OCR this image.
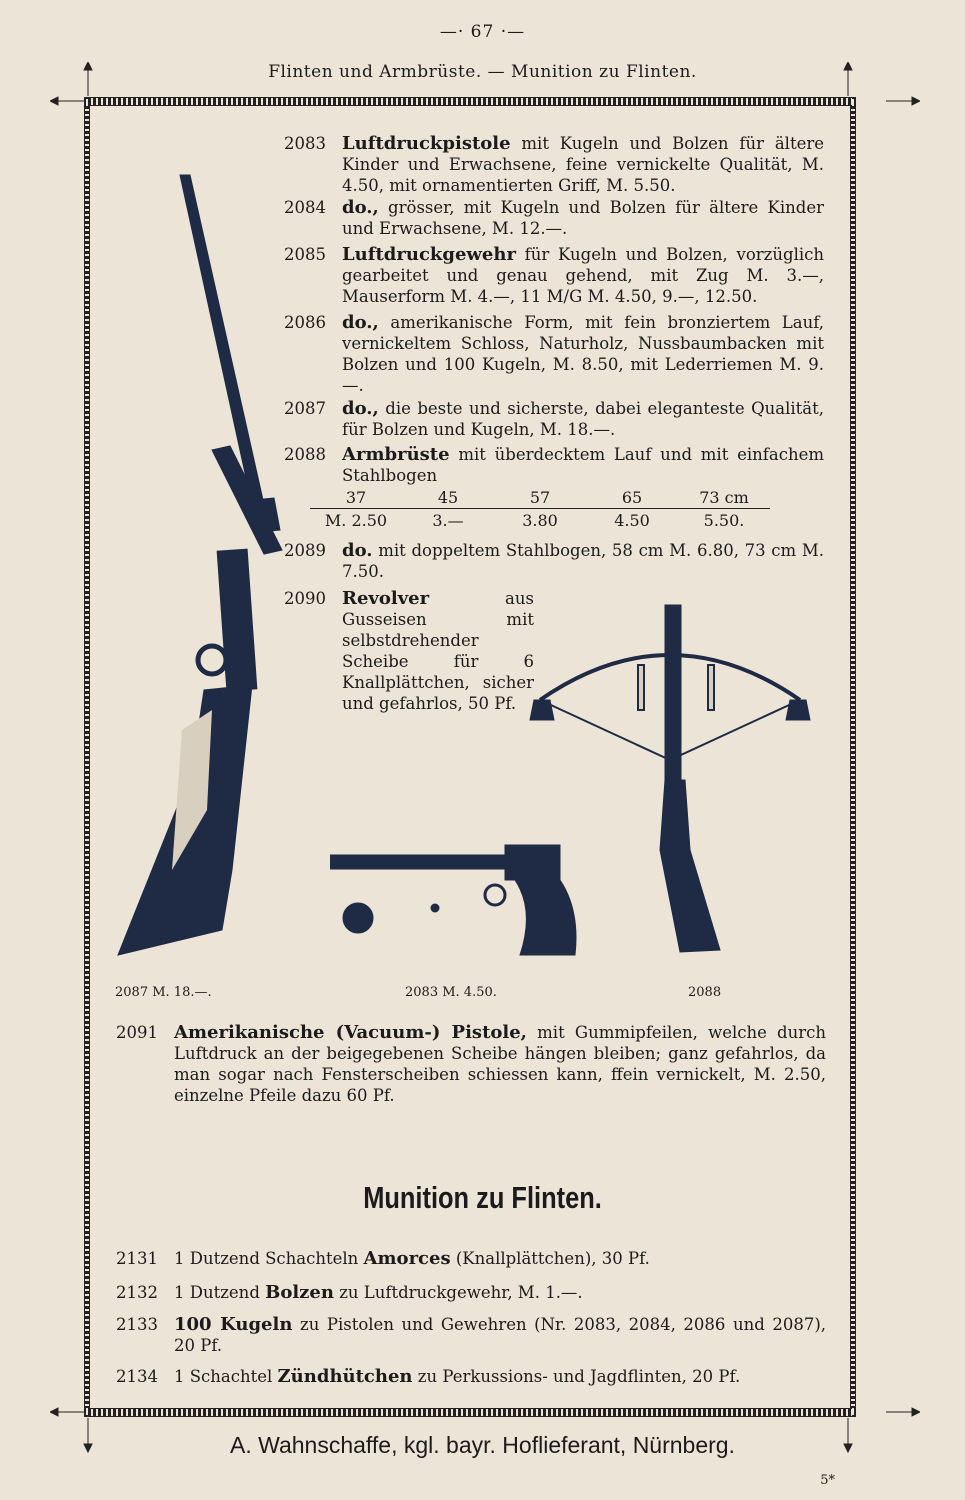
—· 67 ·—
Flinten und Armbrüste. — Munition zu Flinten.
2083 Luftdruckpistole mit Kugeln und Bolzen für ältere Kinder und Erwachsene, feine vernickelte Qualität, M. 4.50, mit ornamentierten Griff, M. 5.50.
2084 do., grösser, mit Kugeln und Bolzen für ältere Kinder und Erwachsene, M. 12.—.
2085 Luftdruckgewehr für Kugeln und Bolzen, vorzüglich gearbeitet und genau gehend, mit Zug M. 3.—, Mauserform M. 4.—, 11 M/G M. 4.50, 9.—, 12.50.
2086 do., amerikanische Form, mit fein bronziertem Lauf, vernickeltem Schloss, Naturholz, Nussbaumbacken mit Bolzen und 100 Kugeln, M. 8.50, mit Lederriemen M. 9.—.
2087 do., die beste und sicherste, dabei eleganteste Qualität, für Bolzen und Kugeln, M. 18.—.
2088 Armbrüste mit überdecktem Lauf und mit einfachem Stahlbogen
37	45	57	65	73 cm
M. 2.50	3.—	3.80	4.50	5.50.
2089 do. mit doppeltem Stahlbogen, 58 cm M. 6.80, 73 cm M. 7.50.
2090 Revolver aus Gusseisen mit selbstdrehender Scheibe für 6 Knallplättchen, sicher und gefahrlos, 50 Pf.
2087 M. 18.—.	2083 M. 4.50.	2088
2091 Amerikanische (Vacuum-) Pistole, mit Gummipfeilen, welche durch Luftdruck an der beigegebenen Scheibe hängen bleiben; ganz gefahrlos, da man sogar nach Fensterscheiben schiessen kann, ffein vernickelt, M. 2.50, einzelne Pfeile dazu 60 Pf.
Munition zu Flinten.
2131 1 Dutzend Schachteln Amorces (Knallplättchen), 30 Pf.
2132 1 Dutzend Bolzen zu Luftdruckgewehr, M. 1.—.
2133 100 Kugeln zu Pistolen und Gewehren (Nr. 2083, 2084, 2086 und 2087), 20 Pf.
2134 1 Schachtel Zündhütchen zu Perkussions- und Jagdflinten, 20 Pf.
A. Wahnschaffe, kgl. bayr. Hoflieferant, Nürnberg.
5*
